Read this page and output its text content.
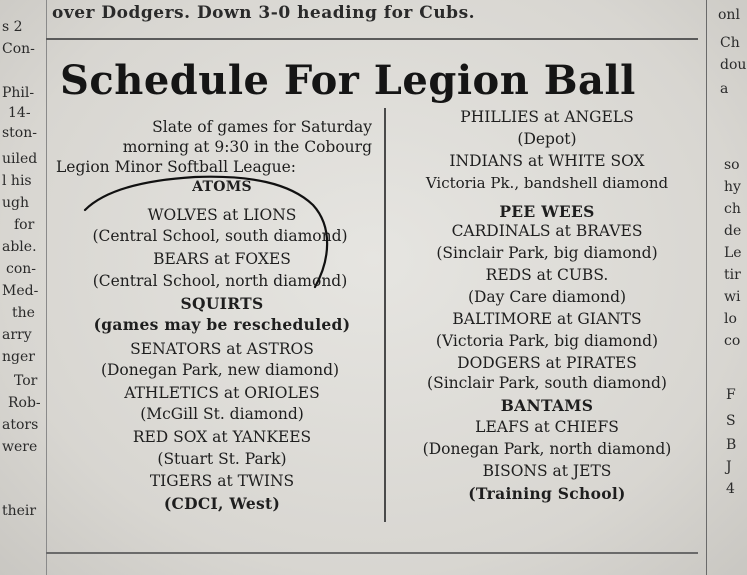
over Dodgers. Down 3-0 heading for Cubs.
s 2
Con-
Phil-
14-
ston-
uiled
l his
ugh
for
able.
con-
Med-
the
arry
nger
Tor
Rob-
ators
were
their
onl
Ch
dou
a
so
hy
ch
de
Le
tir
wi
lo
co
F
S
B
J
4
Schedule For Legion Ball
Slate of games for Saturday
morning at 9:30 in the Cobourg
Legion Minor Softball League:
ATOMS
WOLVES at LIONS
(Central School, south diamond)
BEARS at FOXES
(Central School, north diamond)
SQUIRTS
(games may be rescheduled)
SENATORS at ASTROS
(Donegan Park, new diamond)
ATHLETICS at ORIOLES
(McGill St. diamond)
RED SOX at YANKEES
(Stuart St. Park)
TIGERS at TWINS
(CDCI, West)
PHILLIES at ANGELS
(Depot)
INDIANS at WHITE SOX
Victoria Pk., bandshell diamond
PEE WEES
CARDINALS at BRAVES
(Sinclair Park, big diamond)
REDS at CUBS.
(Day Care diamond)
BALTIMORE at GIANTS
(Victoria Park, big diamond)
DODGERS at PIRATES
(Sinclair Park, south diamond)
BANTAMS
LEAFS at CHIEFS
(Donegan Park, north diamond)
BISONS at JETS
(Training School)
